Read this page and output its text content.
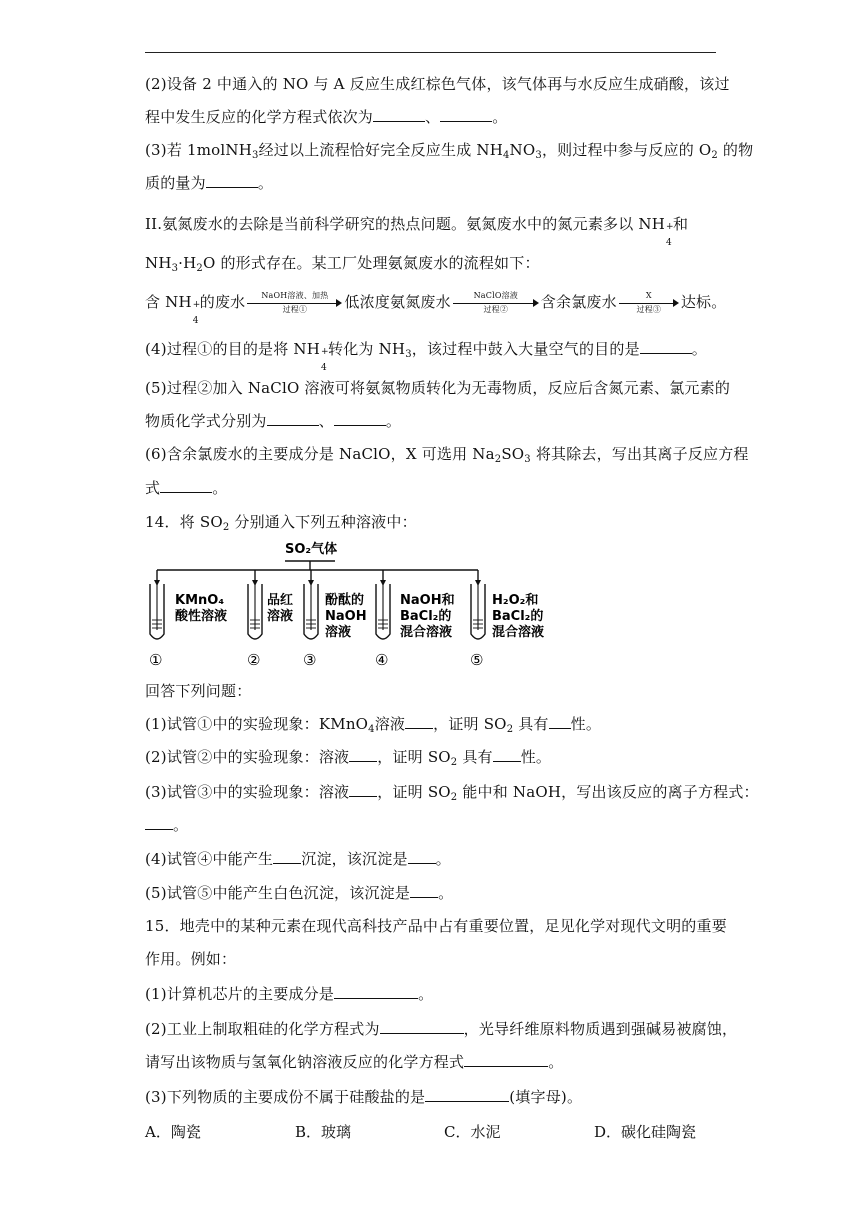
(2)设备 2 中通入的 NO 与 A 反应生成红棕色气体，该气体再与水反应生成硝酸，该过
程中发生反应的化学方程式依次为	、	。
(3)若 1molNH$_3$经过以上流程恰好完全反应生成 $NH_4NO_3$，则过程中参与反应的 $O_2$ 的物
质的量为	。
II.氨氮废水的去除是当前科学研究的热点问题。氨氮废水中的氮元素多以 NH +
4
和
$NH_3\cdot H_2O$ 的形式存在。某工厂处理氨氮废水的流程如下：
含 NH +
4
的废水	NaOH溶液、加热
过程①	低浓度氨氮废水	NaClO溶液
过程②	含余氯废水	X
过程③	达标。
(4)过程①的目的是将 NH +
4
转化为 $NH_3$，该过程中鼓入大量空气的目的是	。
(5)过程②加入 NaClO 溶液可将氨氮物质转化为无毒物质，反应后含氮元素、氯元素的
物质化学式分别为	、	。
(6)含余氯废水的主要成分是 NaClO，X 可选用 $Na_2SO_3$ 将其除去，写出其离子反应方程
式	。
14．将 $SO_2$ 分别通入下列五种溶液中：
SO₂气体
KMnO₄
酸性溶液
①
品红
溶液
②
酚酞的
NaOH
溶液
③
NaOH和
BaCl₂的
混合溶液
④
H₂O₂和
BaCl₂的
混合溶液
⑤
回答下列问题：
(1)试管①中的实验现象：KMnO$_4$溶液 ，证明 $SO_2$ 具有 性。
(2)试管②中的实验现象：溶液 ，证明 $SO_2$ 具有 性。
(3)试管③中的实验现象：溶液 ，证明 $SO_2$ 能中和 NaOH，写出该反应的离子方程式：
。
(4)试管④中能产生 沉淀，该沉淀是 。
(5)试管⑤中能产生白色沉淀，该沉淀是 。
15．地壳中的某种元素在现代高科技产品中占有重要位置，足见化学对现代文明的重要
作用。例如：
(1)计算机芯片的主要成分是	。
(2)工业上制取粗硅的化学方程式为	，光导纤维原料物质遇到强碱易被腐蚀，
请写出该物质与氢氧化钠溶液反应的化学方程式	。
(3)下列物质的主要成份不属于硅酸盐的是	(填字母)。
A．陶瓷	B．玻璃	C．水泥	D．碳化硅陶瓷
